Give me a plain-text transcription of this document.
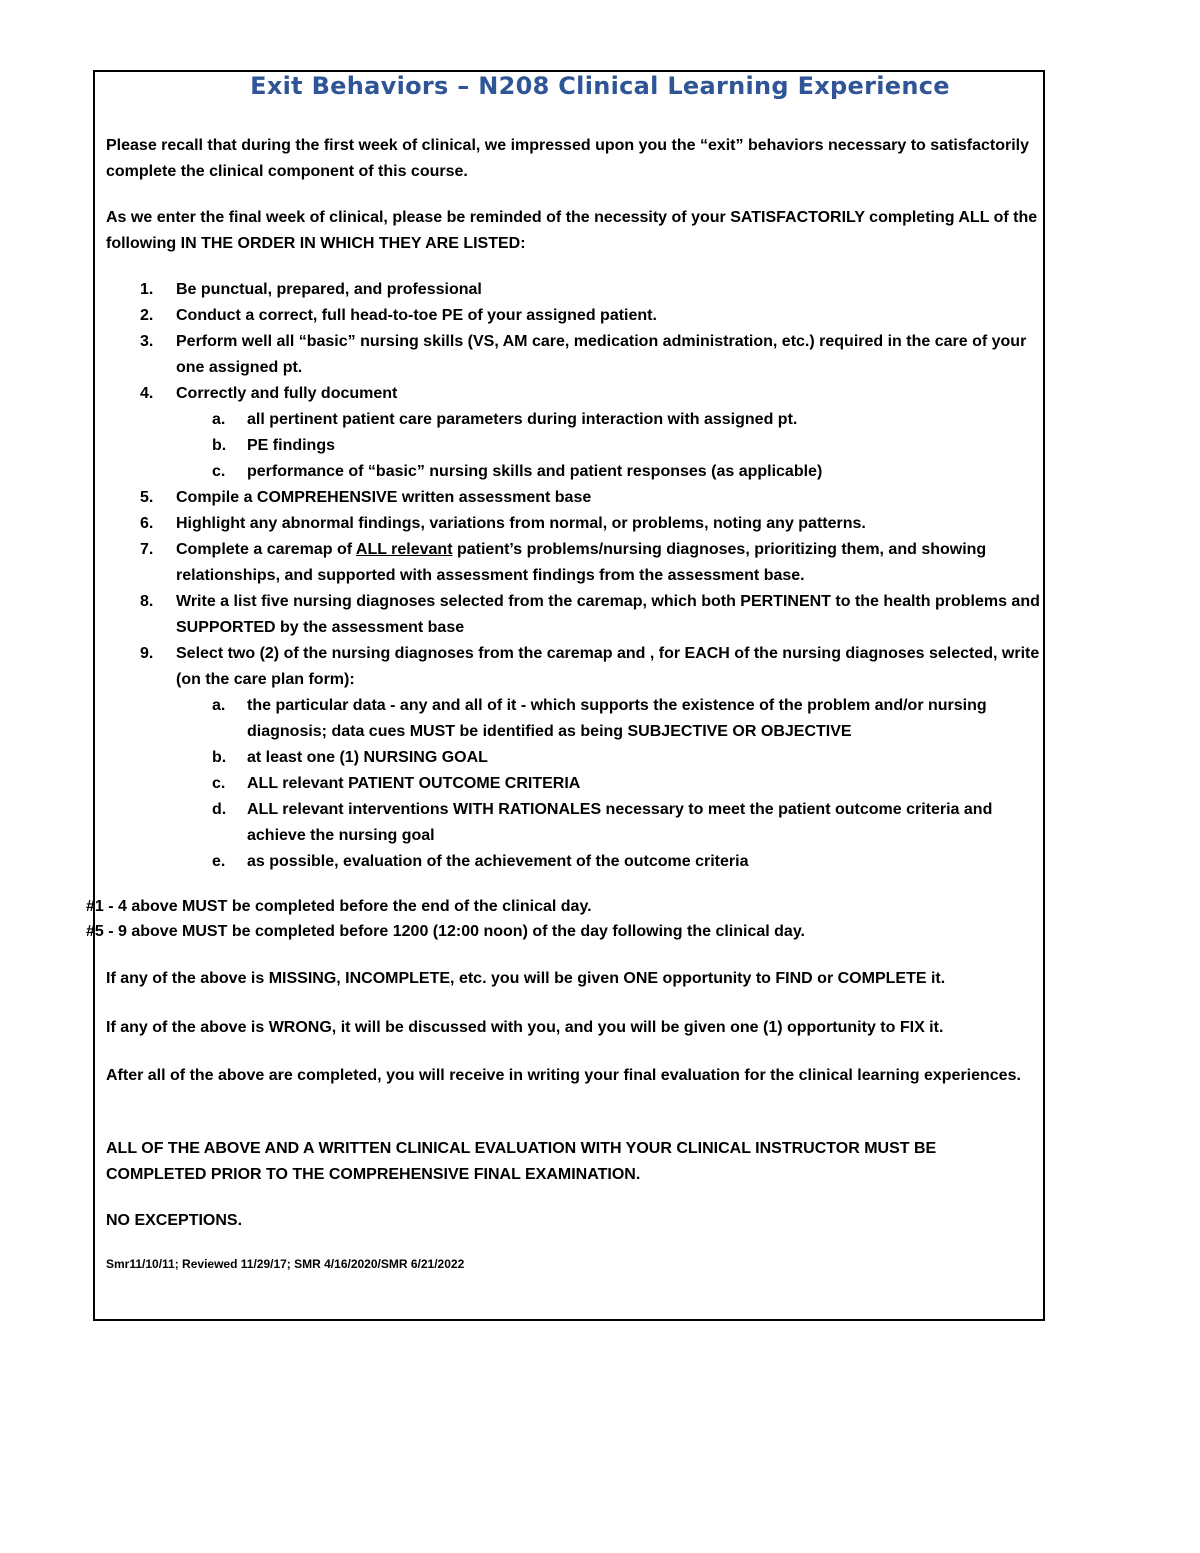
Exit Behaviors – N208 Clinical Learning Experience
Please recall that during the first week of clinical, we impressed upon you the “exit” behaviors necessary to satisfactorily complete the clinical component of this course.
As we enter the final week of clinical, please be reminded of the necessity of your SATISFACTORILY completing ALL of the following IN THE ORDER IN WHICH THEY ARE LISTED:
1. Be punctual, prepared, and professional
2. Conduct a correct, full head-to-toe PE of your assigned patient.
3. Perform well all “basic” nursing skills (VS, AM care, medication administration, etc.) required in the care of your one assigned pt.
4. Correctly and fully document
a. all pertinent patient care parameters during interaction with assigned pt.
b. PE findings
c. performance of “basic” nursing skills and patient responses (as applicable)
5. Compile a COMPREHENSIVE written assessment base
6. Highlight any abnormal findings, variations from normal, or problems, noting any patterns.
7. Complete a caremap of ALL relevant patient’s problems/nursing diagnoses, prioritizing them, and showing relationships, and supported with assessment findings from the assessment base.
8. Write a list five nursing diagnoses selected from the caremap, which both PERTINENT to the health problems and SUPPORTED by the assessment base
9. Select two (2) of the nursing diagnoses from the caremap and , for EACH of the nursing diagnoses selected, write (on the care plan form):
a. the particular data - any and all of it - which supports the existence of the problem and/or nursing diagnosis; data cues MUST be identified as being SUBJECTIVE OR OBJECTIVE
b. at least one (1) NURSING GOAL
c. ALL relevant PATIENT OUTCOME CRITERIA
d. ALL relevant interventions WITH RATIONALES necessary to meet the patient outcome criteria and achieve the nursing goal
e. as possible, evaluation of the achievement of the outcome criteria
#1 - 4 above MUST be completed before the end of the clinical day.
#5 - 9 above MUST be completed before 1200 (12:00 noon) of the day following the clinical day.
If any of the above is MISSING, INCOMPLETE, etc. you will be given ONE opportunity to FIND or COMPLETE it.
If any of the above is WRONG, it will be discussed with you, and you will be given one (1) opportunity to FIX it.
After all of the above are completed, you will receive in writing your final evaluation for the clinical learning experiences.
ALL OF THE ABOVE AND A WRITTEN CLINICAL EVALUATION WITH YOUR CLINICAL INSTRUCTOR MUST BE COMPLETED PRIOR TO THE COMPREHENSIVE FINAL EXAMINATION.
NO EXCEPTIONS.
Smr11/10/11; Reviewed 11/29/17; SMR 4/16/2020/SMR 6/21/2022
